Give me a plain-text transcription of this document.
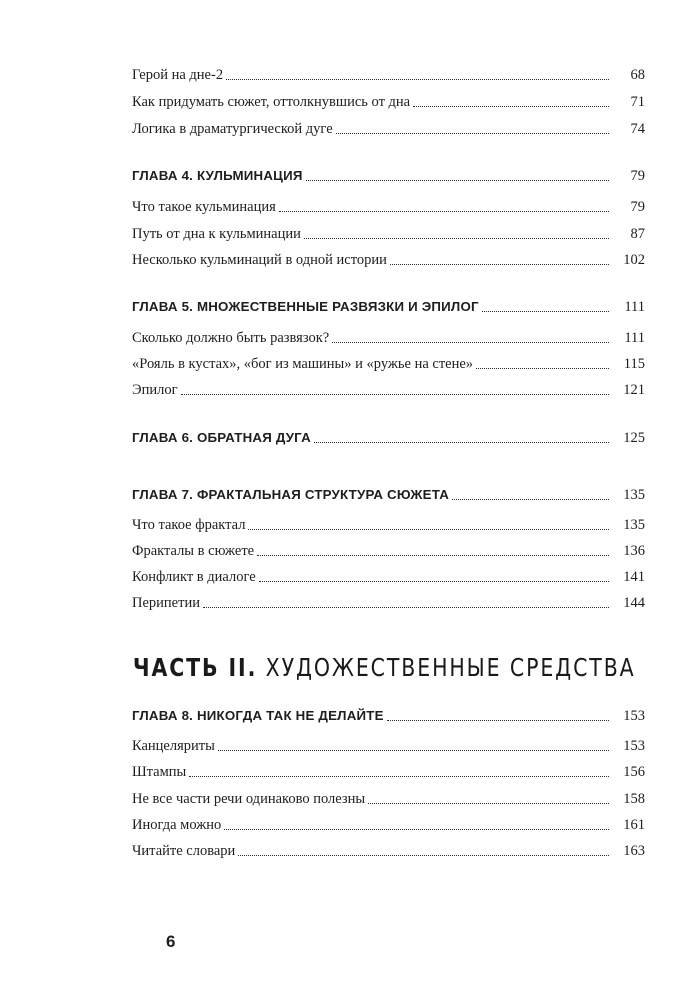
Герой на дне-2	68
Как придумать сюжет, оттолкнувшись от дна	71
Логика в драматургической дуге	74
ГЛАВА 4. КУЛЬМИНАЦИЯ	79
Что такое кульминация	79
Путь от дна к кульминации	87
Несколько кульминаций в одной истории	102
ГЛАВА 5. МНОЖЕСТВЕННЫЕ РАЗВЯЗКИ И ЭПИЛОГ	111
Сколько должно быть развязок?	111
«Рояль в кустах», «бог из машины» и «ружье на стене»	115
Эпилог	121
ГЛАВА 6. ОБРАТНАЯ ДУГА	125
ГЛАВА 7. ФРАКТАЛЬНАЯ СТРУКТУРА СЮЖЕТА	135
Что такое фрактал	135
Фракталы в сюжете	136
Конфликт в диалоге	141
Перипетии	144
ГЛАВА 8. НИКОГДА ТАК НЕ ДЕЛАЙТЕ	153
Канцеляриты	153
Штампы	156
Не все части речи одинаково полезны	158
Иногда можно	161
Читайте словари	163
ЧАСТЬ II. ХУДОЖЕСТВЕННЫЕ СРЕДСТВА
6
